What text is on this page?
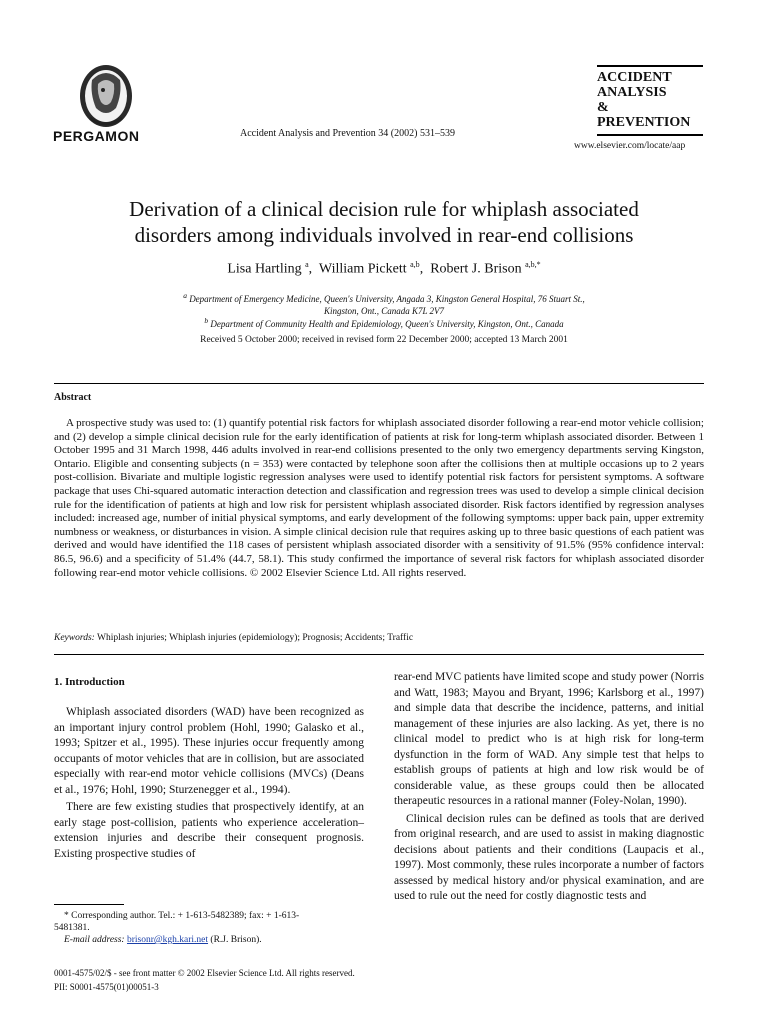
PERGAMON	Accident Analysis and Prevention 34 (2002) 531–539
ACCIDENT
ANALYSIS
&
PREVENTION
www.elsevier.com/locate/aap
Derivation of a clinical decision rule for whiplash associated
disorders among individuals involved in rear-end collisions
Lisa Hartling $^a$,  William Pickett $^{a,b}$,  Robert J. Brison $^{a,b,*}$
$^a$ Department of Emergency Medicine, Queen's University, Angada 3, Kingston General Hospital, 76 Stuart St.,
Kingston, Ont., Canada K7L 2V7
$^b$ Department of Community Health and Epidemiology, Queen's University, Kingston, Ont., Canada
Received 5 October 2000; received in revised form 22 December 2000; accepted 13 March 2001
Abstract
A prospective study was used to: (1) quantify potential risk factors for whiplash associated disorder following a rear-end motor vehicle collision; and (2) develop a simple clinical decision rule for the early identification of patients at risk for long-term whiplash associated disorder. Between 1 October 1995 and 31 March 1998, 446 adults involved in rear-end collisions presented to the only two emergency departments serving Kingston, Ontario. Eligible and consenting subjects (n = 353) were contacted by telephone soon after the collisions then at multiple occasions up to 2 years post-collision. Bivariate and multiple logistic regression analyses were used to identify potential risk factors for persistent symptoms. A software package that uses Chi-squared automatic interaction detection and classification and regression trees was used to develop a simple clinical decision rule for the identification of patients at high and low risk for persistent whiplash associated disorder. Risk factors identified by regression analyses included: increased age, number of initial physical symptoms, and early development of the following symptoms: upper back pain, upper extremity numbness or weakness, or disturbances in vision. A simple clinical decision rule that requires asking up to three basic questions of each patient was derived and would have identified the 118 cases of persistent whiplash associated disorder with a sensitivity of 91.5% (95% confidence interval: 86.5, 96.6) and a specificity of 51.4% (44.7, 58.1). This study confirmed the importance of several risk factors for whiplash associated disorder following rear-end motor vehicle collisions. © 2002 Elsevier Science Ltd. All rights reserved.
Keywords: Whiplash injuries; Whiplash injuries (epidemiology); Prognosis; Accidents; Traffic
1. Introduction

Whiplash associated disorders (WAD) have been recognized as an important injury control problem (Hohl, 1990; Galasko et al., 1993; Spitzer et al., 1995). These injuries occur frequently among occupants of motor vehicles that are in collision, but are associated especially with rear-end motor vehicle collisions (MVCs) (Deans et al., 1976; Hohl, 1990; Sturzenegger et al., 1994).

There are few existing studies that prospectively identify, at an early stage post-collision, patients who experience acceleration–extension injuries and describe their consequent prognosis. Existing prospective studies of

rear-end MVC patients have limited scope and study power (Norris and Watt, 1983; Mayou and Bryant, 1996; Karlsborg et al., 1997) and simple data that describe the incidence, patterns, and initial management of these injuries are also lacking. As yet, there is no clinical model to predict who is at high risk for long-term dysfunction in the form of WAD. Any simple test that helps to establish groups of patients at high and low risk would be of considerable value, as these groups could then be allocated therapeutic resources in a rational manner (Foley-Nolan, 1990).

Clinical decision rules can be defined as tools that are derived from original research, and are used to assist in making diagnostic decisions about patients and their conditions (Laupacis et al., 1997). Most commonly, these rules incorporate a number of factors assessed by medical history and/or physical examination, and are used to rule out the need for costly diagnostic tests and

* Corresponding author. Tel.: + 1-613-5482389; fax: + 1-613-
5481381.
E-mail address: brisonr@kgh.kari.net (R.J. Brison).
0001-4575/02/$ - see front matter © 2002 Elsevier Science Ltd. All rights reserved.
PII: S0001-4575(01)00051-3
